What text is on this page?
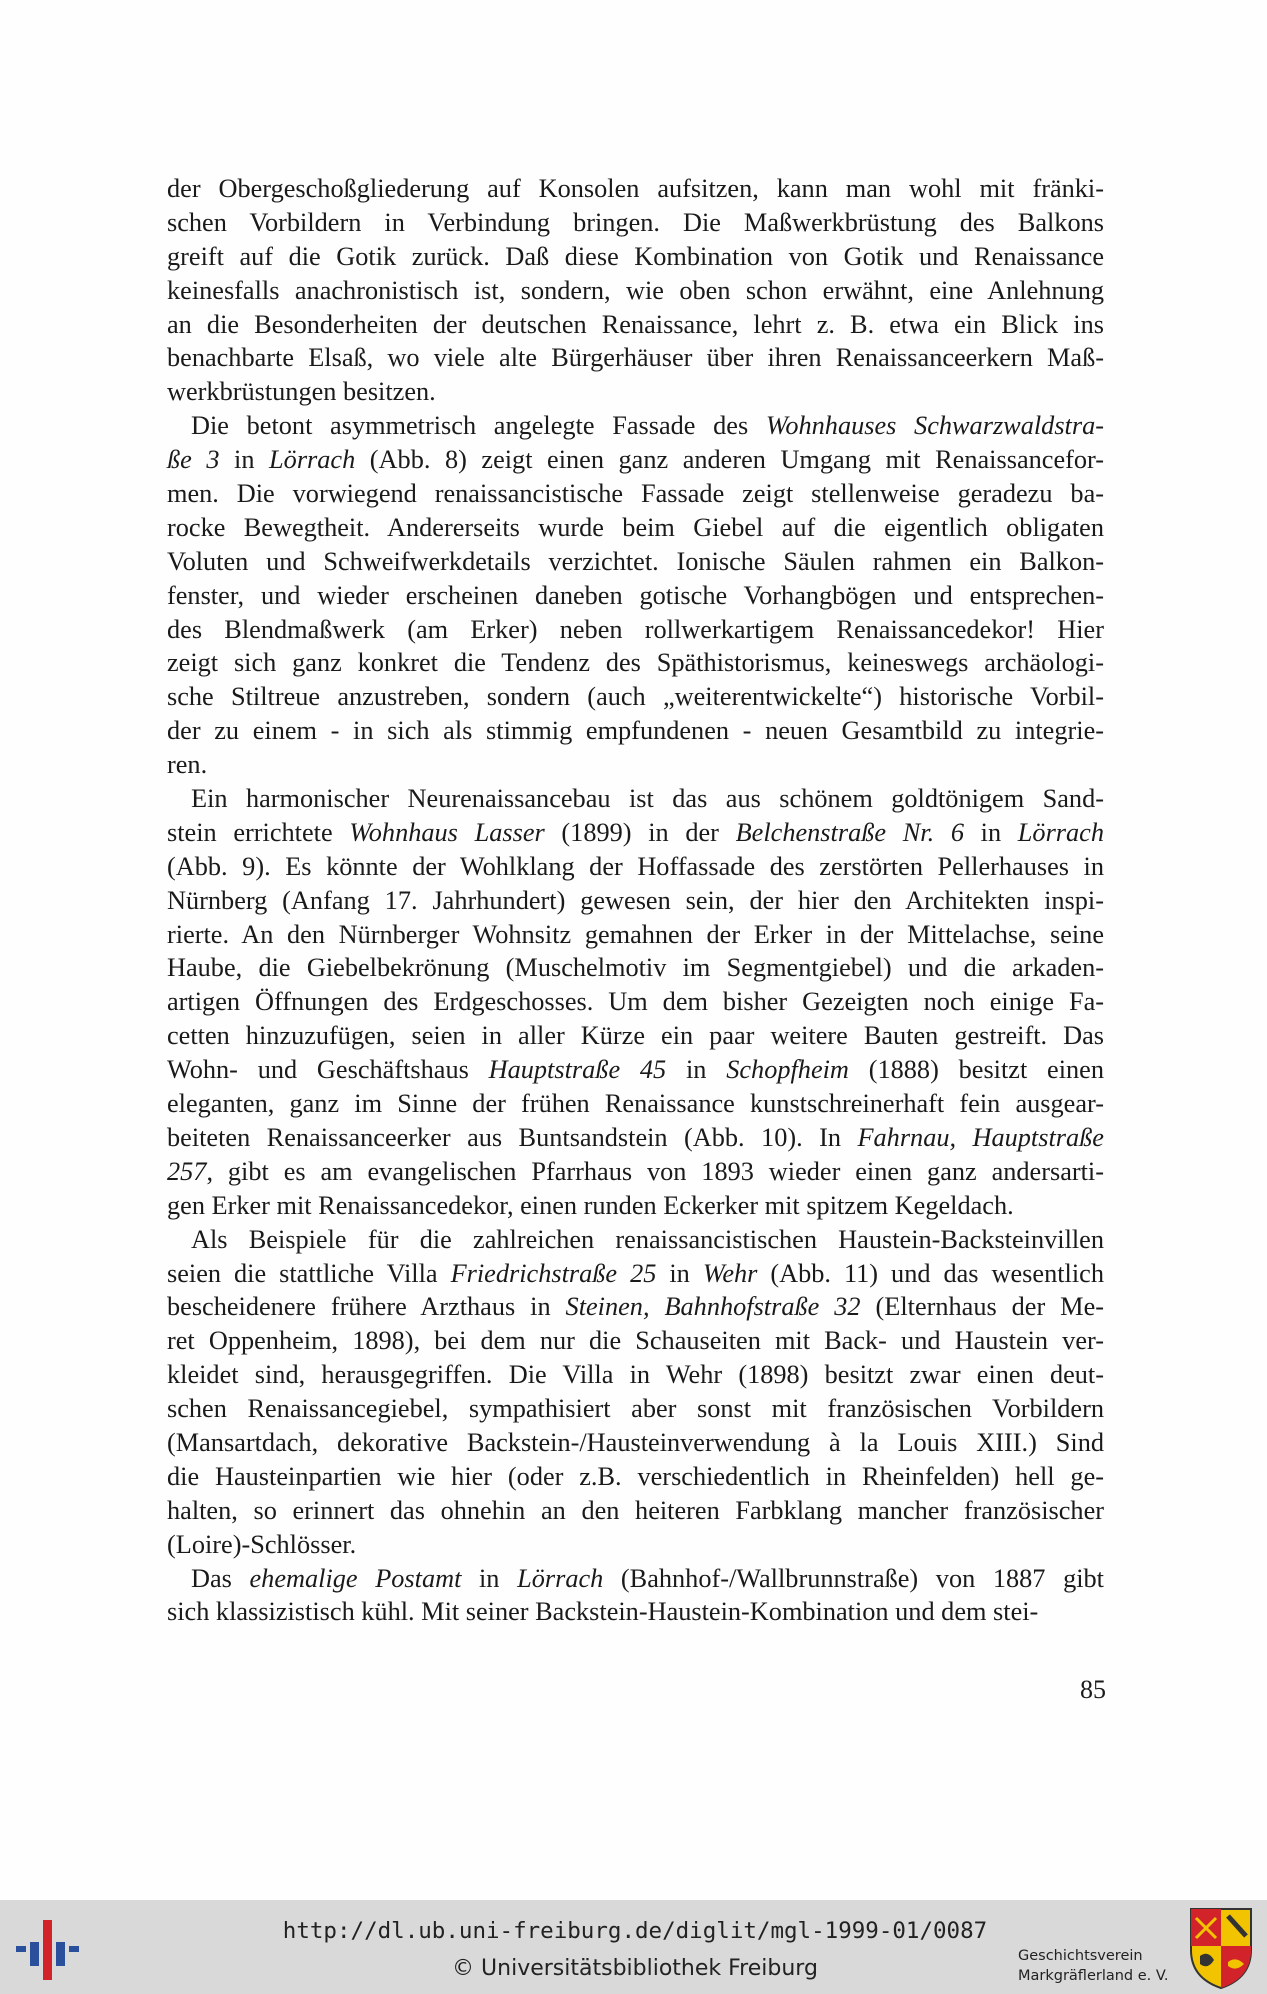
der Obergeschoßgliederung auf Konsolen aufsitzen, kann man wohl mit fränki-
schen Vorbildern in Verbindung bringen. Die Maßwerkbrüstung des Balkons
greift auf die Gotik zurück. Daß diese Kombination von Gotik und Renaissance
keinesfalls anachronistisch ist, sondern, wie oben schon erwähnt, eine Anlehnung
an die Besonderheiten der deutschen Renaissance, lehrt z. B. etwa ein Blick ins
benachbarte Elsaß, wo viele alte Bürgerhäuser über ihren Renaissanceerkern Maß-
werkbrüstungen besitzen.
Die betont asymmetrisch angelegte Fassade des Wohnhauses Schwarzwaldstra-
ße 3 in Lörrach (Abb. 8) zeigt einen ganz anderen Umgang mit Renaissancefor-
men. Die vorwiegend renaissancistische Fassade zeigt stellenweise geradezu ba-
rocke Bewegtheit. Andererseits wurde beim Giebel auf die eigentlich obligaten
Voluten und Schweifwerkdetails verzichtet. Ionische Säulen rahmen ein Balkon-
fenster, und wieder erscheinen daneben gotische Vorhangbögen und entsprechen-
des Blendmaßwerk (am Erker) neben rollwerkartigem Renaissancedekor! Hier
zeigt sich ganz konkret die Tendenz des Späthistorismus, keineswegs archäologi-
sche Stiltreue anzustreben, sondern (auch „weiterentwickelte“) historische Vorbil-
der zu einem - in sich als stimmig empfundenen - neuen Gesamtbild zu integrie-
ren.
Ein harmonischer Neurenaissancebau ist das aus schönem goldtönigem Sand-
stein errichtete Wohnhaus Lasser (1899) in der Belchenstraße Nr. 6 in Lörrach
(Abb. 9). Es könnte der Wohlklang der Hoffassade des zerstörten Pellerhauses in
Nürnberg (Anfang 17. Jahrhundert) gewesen sein, der hier den Architekten inspi-
rierte. An den Nürnberger Wohnsitz gemahnen der Erker in der Mittelachse, seine
Haube, die Giebelbekrönung (Muschelmotiv im Segmentgiebel) und die arkaden-
artigen Öffnungen des Erdgeschosses. Um dem bisher Gezeigten noch einige Fa-
cetten hinzuzufügen, seien in aller Kürze ein paar weitere Bauten gestreift. Das
Wohn- und Geschäftshaus Hauptstraße 45 in Schopfheim (1888) besitzt einen
eleganten, ganz im Sinne der frühen Renaissance kunstschreinerhaft fein ausgear-
beiteten Renaissanceerker aus Buntsandstein (Abb. 10). In Fahrnau, Hauptstraße
257, gibt es am evangelischen Pfarrhaus von 1893 wieder einen ganz andersarti-
gen Erker mit Renaissancedekor, einen runden Eckerker mit spitzem Kegeldach.
Als Beispiele für die zahlreichen renaissancistischen Haustein-Backsteinvillen
seien die stattliche Villa Friedrichstraße 25 in Wehr (Abb. 11) und das wesentlich
bescheidenere frühere Arzthaus in Steinen, Bahnhofstraße 32 (Elternhaus der Me-
ret Oppenheim, 1898), bei dem nur die Schauseiten mit Back- und Haustein ver-
kleidet sind, herausgegriffen. Die Villa in Wehr (1898) besitzt zwar einen deut-
schen Renaissancegiebel, sympathisiert aber sonst mit französischen Vorbildern
(Mansartdach, dekorative Backstein-/Hausteinverwendung à la Louis XIII.) Sind
die Hausteinpartien wie hier (oder z.B. verschiedentlich in Rheinfelden) hell ge-
halten, so erinnert das ohnehin an den heiteren Farbklang mancher französischer
(Loire)-Schlösser.
Das ehemalige Postamt in Lörrach (Bahnhof-/Wallbrunnstraße) von 1887 gibt
sich klassizistisch kühl. Mit seiner Backstein-Haustein-Kombination und dem stei-
85
http://dl.ub.uni-freiburg.de/diglit/mgl-1999-01/0087
© Universitätsbibliothek Freiburg	Geschichtsverein
Markgräflerland e. V.
